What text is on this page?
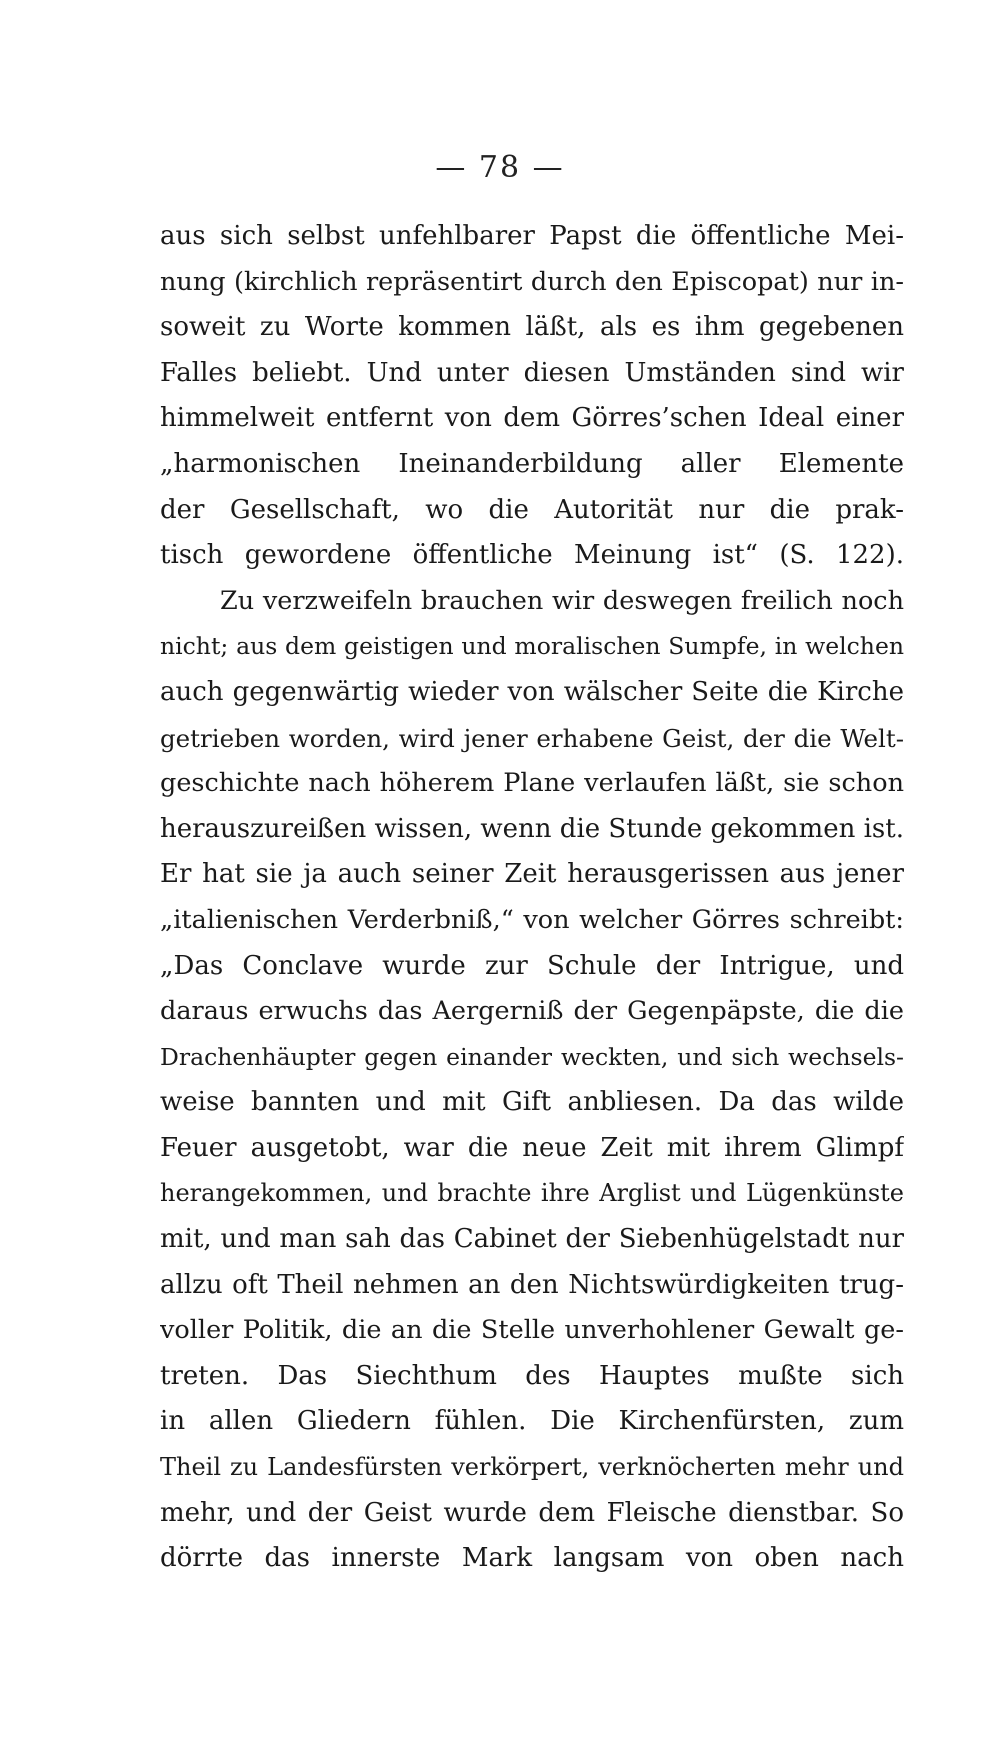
— 78 —
aus sich selbst unfehlbarer Papst die öffentliche Mei-
nung (kirchlich repräsentirt durch den Episcopat) nur in-
soweit zu Worte kommen läßt, als es ihm gegebenen
Falles beliebt. Und unter diesen Umständen sind wir
himmelweit entfernt von dem Görres’schen Ideal einer
„harmonischen Ineinanderbildung aller Elemente
der Gesellschaft, wo die Autorität nur die prak-
tisch gewordene öffentliche Meinung ist“ (S. 122).
Zu verzweifeln brauchen wir deswegen freilich noch
nicht; aus dem geistigen und moralischen Sumpfe, in welchen
auch gegenwärtig wieder von wälscher Seite die Kirche
getrieben worden, wird jener erhabene Geist, der die Welt-
geschichte nach höherem Plane verlaufen läßt, sie schon
herauszureißen wissen, wenn die Stunde gekommen ist.
Er hat sie ja auch seiner Zeit herausgerissen aus jener
„italienischen Verderbniß,“ von welcher Görres schreibt:
„Das Conclave wurde zur Schule der Intrigue, und
daraus erwuchs das Aergerniß der Gegenpäpste, die die
Drachenhäupter gegen einander weckten, und sich wechsels-
weise bannten und mit Gift anbliesen. Da das wilde
Feuer ausgetobt, war die neue Zeit mit ihrem Glimpf
herangekommen, und brachte ihre Arglist und Lügenkünste
mit, und man sah das Cabinet der Siebenhügelstadt nur
allzu oft Theil nehmen an den Nichtswürdigkeiten trug-
voller Politik, die an die Stelle unverhohlener Gewalt ge-
treten. Das Siechthum des Hauptes mußte sich
in allen Gliedern fühlen. Die Kirchenfürsten, zum
Theil zu Landesfürsten verkörpert, verknöcherten mehr und
mehr, und der Geist wurde dem Fleische dienstbar. So
dörrte das innerste Mark langsam von oben nach
